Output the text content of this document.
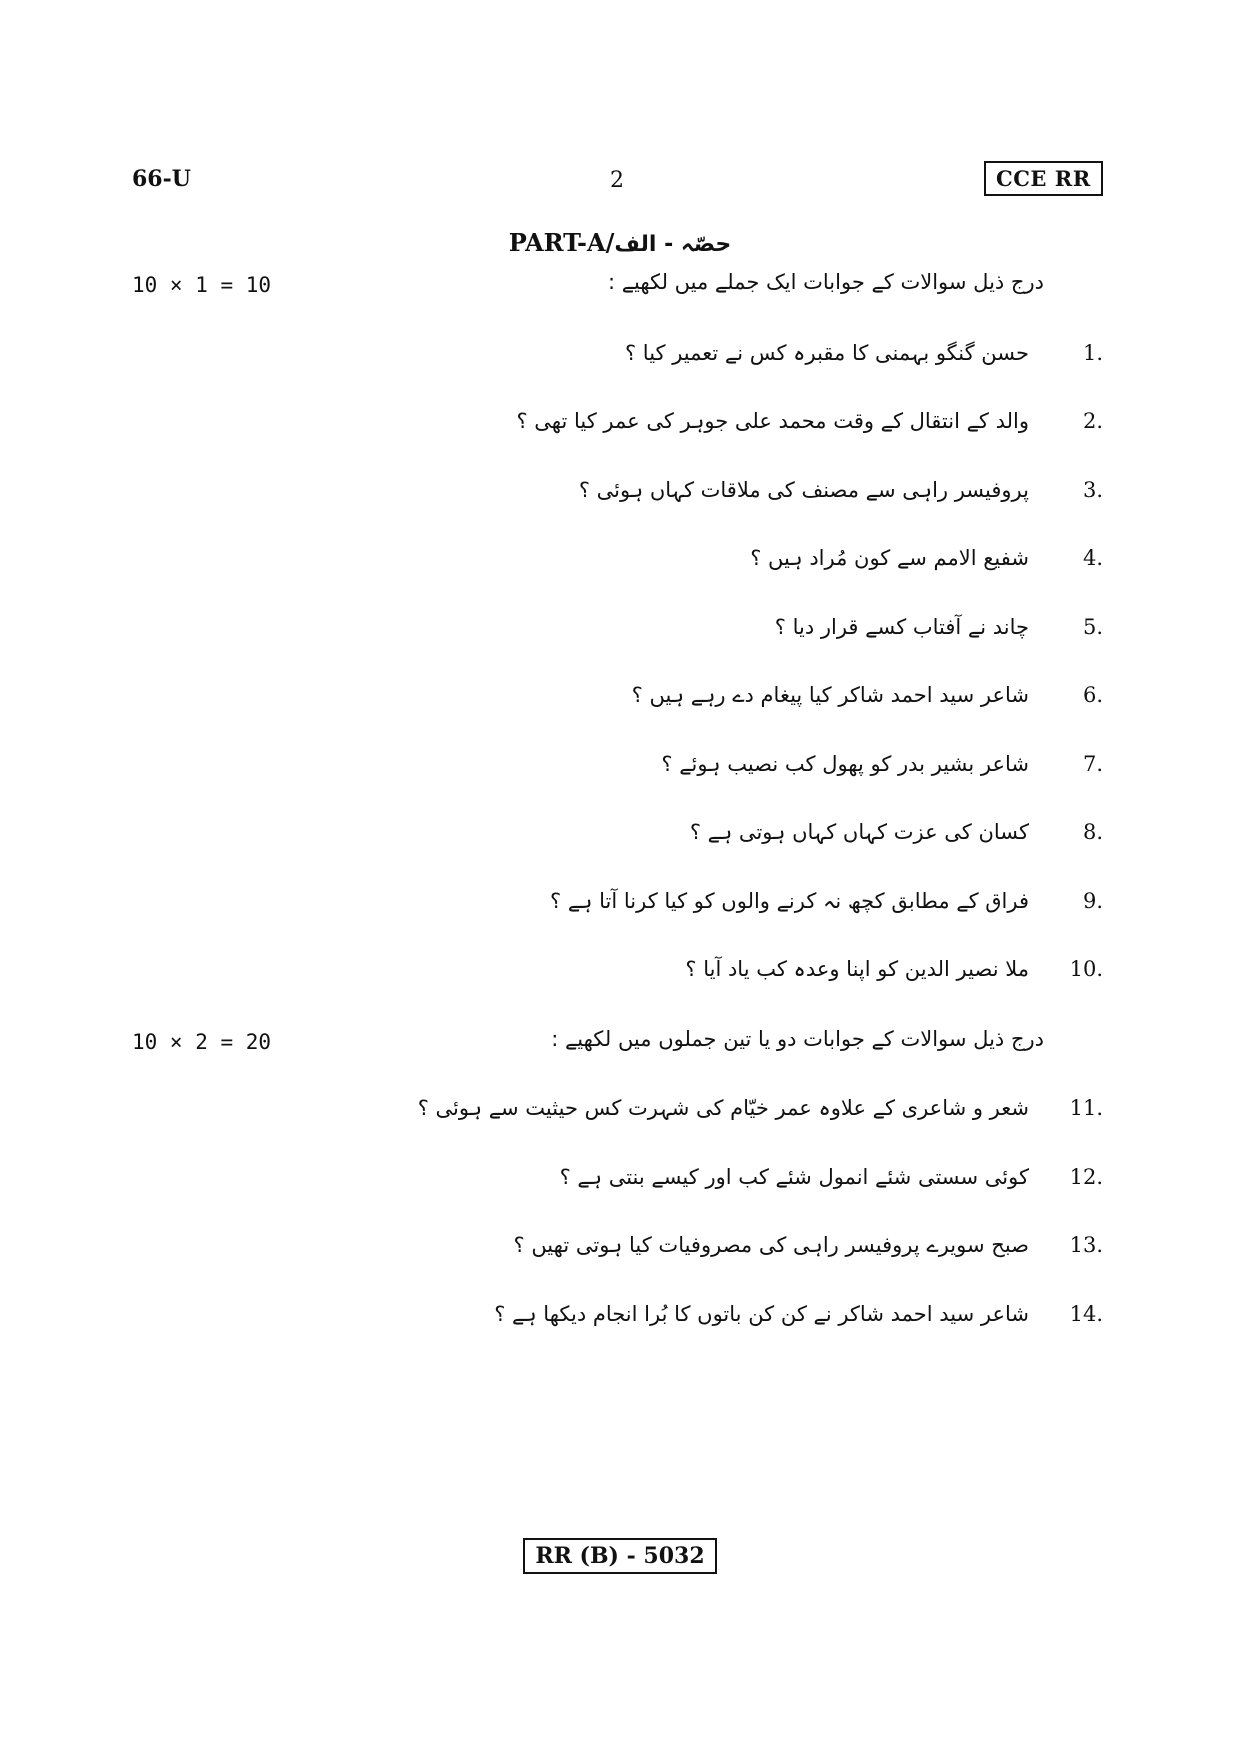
66-U	2	CCE RR
PART-A/حصّہ - الف
10 × 1 = 10	درج ذیل سوالات کے جوابات ایک جملے میں لکھیے :
1.
حسن گنگو بہمنی کا مقبرہ کس نے تعمیر کیا ؟
2.
والد کے انتقال کے وقت محمد علی جوہر کی عمر کیا تھی ؟
3.
پروفیسر راہی سے مصنف کی ملاقات کہاں ہوئی ؟
4.
شفیع الامم سے کون مُراد ہیں ؟
5.
چاند نے آفتاب کسے قرار دیا ؟
6.
شاعر سید احمد شاکر کیا پیغام دے رہے ہیں ؟
7.
شاعر بشیر بدر کو پھول کب نصیب ہوئے ؟
8.
کسان کی عزت کہاں کہاں ہوتی ہے ؟
9.
فراق کے مطابق کچھ نہ کرنے والوں کو کیا کرنا آتا ہے ؟
10.
ملا نصیر الدین کو اپنا وعدہ کب یاد آیا ؟
10 × 2 = 20	درج ذیل سوالات کے جوابات دو یا تین جملوں میں لکھیے :
11.
شعر و شاعری کے علاوہ عمر خیّام کی شہرت کس حیثیت سے ہوئی ؟
12.
کوئی سستی شئے انمول شئے کب اور کیسے بنتی ہے ؟
13.
صبح سویرے پروفیسر راہی کی مصروفیات کیا ہوتی تھیں ؟
14.
شاعر سید احمد شاکر نے کن کن باتوں کا بُرا انجام دیکھا ہے ؟
RR (B) - 5032
